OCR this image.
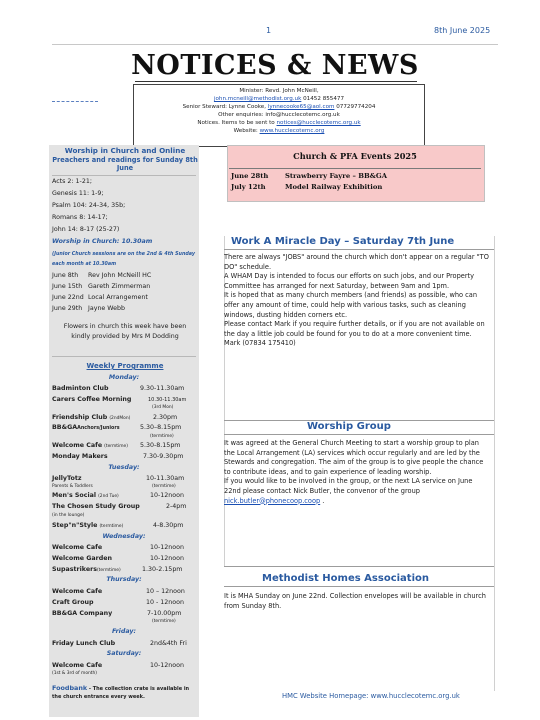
1	8th June 2025
NOTICES & NEWS
Minister: Revd. John McNeill,
john.mcneill@methodist.org.uk 01452 855477
Senior Steward: Lynne Cooke, lynnecooke65@aol.com 07729774204
Other enquiries: info@hucclecotemc.org.uk
Notices. Items to be sent to notices@hucclecotemc.org.uk
Website: www.hucclecotemc.org
Worship in Church and Online
Preachers and readings for Sunday 8th June
Acts 2: 1-21;
Genesis 11: 1-9;
Psalm 104: 24-34, 35b;
Romans 8: 14-17;
John 14: 8-17 (25-27)
Worship in Church: 10.30am
(Junior Church sessions are on the 2nd & 4th Sunday each month at 10.30am
June 8th Rev John McNeill HC
June 15th Gareth Zimmerman
June 22nd Local Arrangement
June 29th Jayne Webb
Flowers in church this week have been kindly provided by Mrs M Dodding
Weekly Programme
Monday:
Badminton Club	9.30-11.30am
Carers Coffee Morning	10.30-11.30am
(3rd Mon)
Friendship Club (2ndMon)	2.30pm
BB&GAAnchors/Juniors	5.30–8.15pm
(termtime)
Welcome Cafe (termtime) 5.30-8.15pm
Monday Makers	7.30-9.30pm
Tuesday:
JellyTotz	10-11.30am
Parents & Toddlers	(termtime)
Men's Social (2nd Tue)	10-12noon
The Chosen Study Group	2-4pm
(in the lounge)
Step"n"Style (termtime)	4-8.30pm
Wednesday:
Welcome Cafe	10-12noon
Welcome Garden	10-12noon
Supastrikers(termtime)	1.30-2.15pm
Thursday:
Welcome Cafe	10 – 12noon
Craft Group	10 - 12noon
BB&GA Company	7-10.00pm
(termtime)
Friday:
Friday Lunch Club	2nd&4th Fri
Saturday:
Welcome Cafe	10-12noon
(1st & 3rd of month)
Foodbank - The collection crate is available in the church entrance every week.
Church & PFA Events 2025
June 28th Strawberry Fayre – BB&GA
July 12th	Model Railway Exhibition
Work A Miracle Day – Saturday 7th June
There are always "JOBS" around the church which don't appear on a regular "TO DO" schedule.
A WHAM Day is intended to focus our efforts on such jobs, and our Property Committee has arranged for next Saturday, between 9am and 1pm.
It is hoped that as many church members (and friends) as possible, who can offer any amount of time, could help with various tasks, such as cleaning windows, dusting hidden corners etc.
Please contact Mark if you require further details, or if you are not available on the day a little job could be found for you to do at a more convenient time.
Mark (07834 175410)
Worship Group
It was agreed at the General Church Meeting to start a worship group to plan the Local Arrangement (LA) services which occur regularly and are led by the Stewards and congregation. The aim of the group is to give people the chance to contribute ideas, and to gain experience of leading worship.
If you would like to be involved in the group, or the next LA service on June 22nd please contact Nick Butler, the convenor of the group nick.butler@phonecoop.coop .
Methodist Homes Association
It is MHA Sunday on June 22nd. Collection envelopes will be available in church from Sunday 8th.
HMC Website Homepage: www.hucclecotemc.org.uk
